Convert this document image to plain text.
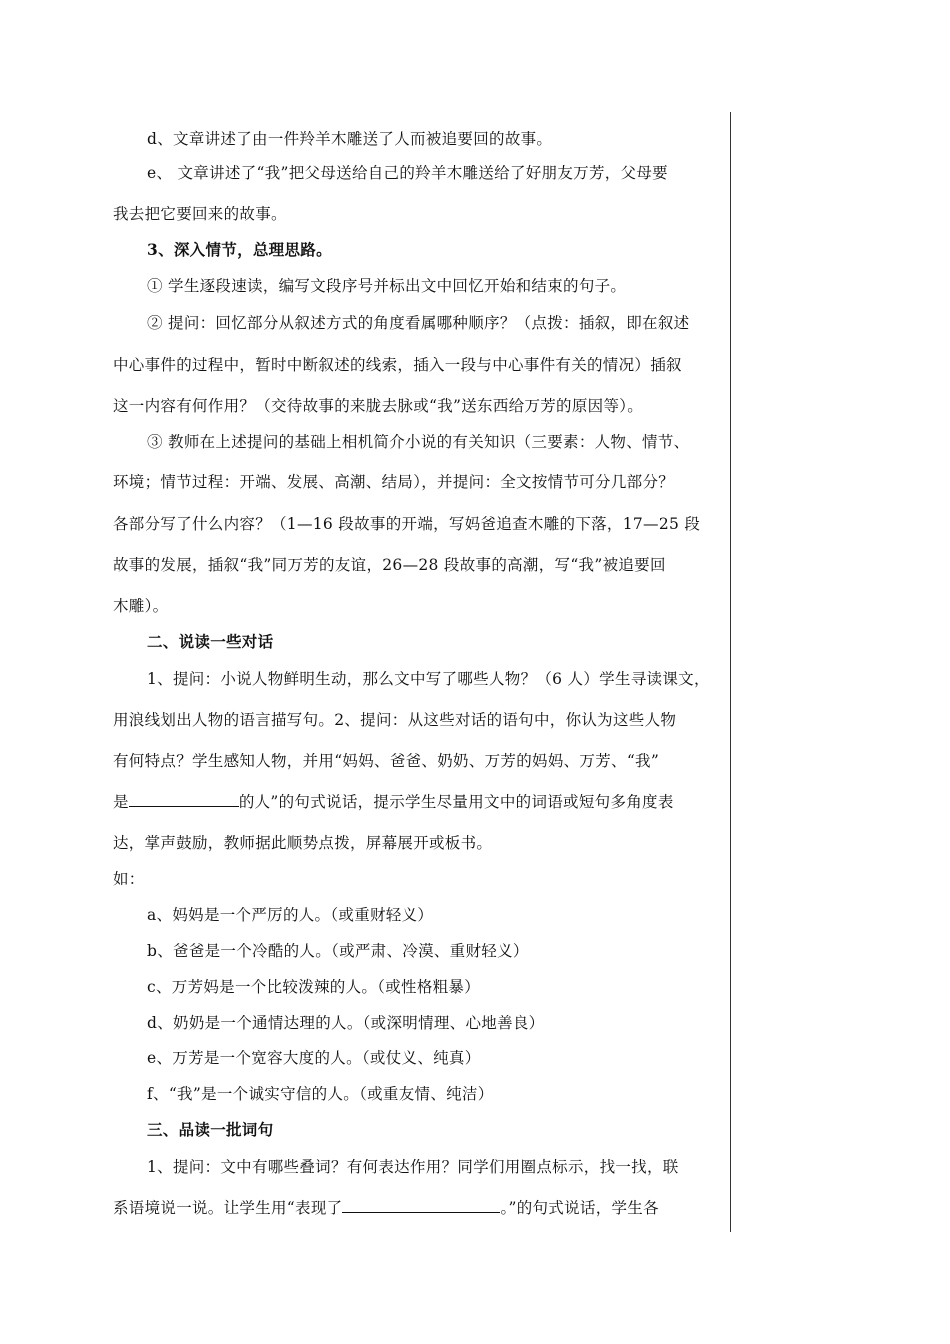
d、文章讲述了由一件羚羊木雕送了人而被追要回的故事。
e、 文章讲述了“我”把父母送给自己的羚羊木雕送给了好朋友万芳，父母要
我去把它要回来的故事。
3、深入情节，总理思路。
① 学生逐段速读，编写文段序号并标出文中回忆开始和结束的句子。
② 提问：回忆部分从叙述方式的角度看属哪种顺序？（点拨：插叙，即在叙述
中心事件的过程中，暂时中断叙述的线索，插入一段与中心事件有关的情况）插叙
这一内容有何作用？（交待故事的来胧去脉或“我”送东西给万芳的原因等）。
③ 教师在上述提问的基础上相机简介小说的有关知识（三要素：人物、情节、
环境；情节过程：开端、发展、高潮、结局），并提问：全文按情节可分几部分？
各部分写了什么内容？（1—16 段故事的开端，写妈爸追查木雕的下落，17—25 段
故事的发展，插叙“我”同万芳的友谊，26—28 段故事的高潮，写“我”被追要回
木雕）。
二、说读一些对话
1、提问：小说人物鲜明生动，那么文中写了哪些人物？（6 人）学生寻读课文，
用浪线划出人物的语言描写句。2、提问：从这些对话的语句中，你认为这些人物
有何特点？学生感知人物，并用“妈妈、爸爸、奶奶、万芳的妈妈、万芳、“我”
是	的人”的句式说话，提示学生尽量用文中的词语或短句多角度表
达，掌声鼓励，教师据此顺势点拨，屏幕展开或板书。
如：
a、妈妈是一个严厉的人。（或重财轻义）
b、爸爸是一个冷酷的人。（或严肃、冷漠、重财轻义）
c、万芳妈是一个比较泼辣的人。（或性格粗暴）
d、奶奶是一个通情达理的人。（或深明情理、心地善良）
e、万芳是一个宽容大度的人。（或仗义、纯真）
f、“我”是一个诚实守信的人。（或重友情、纯洁）
三、品读一批词句
1、提问：文中有哪些叠词？有何表达作用？同学们用圈点标示，找一找，联
系语境说一说。让学生用“表现了	。”的句式说话，学生各
